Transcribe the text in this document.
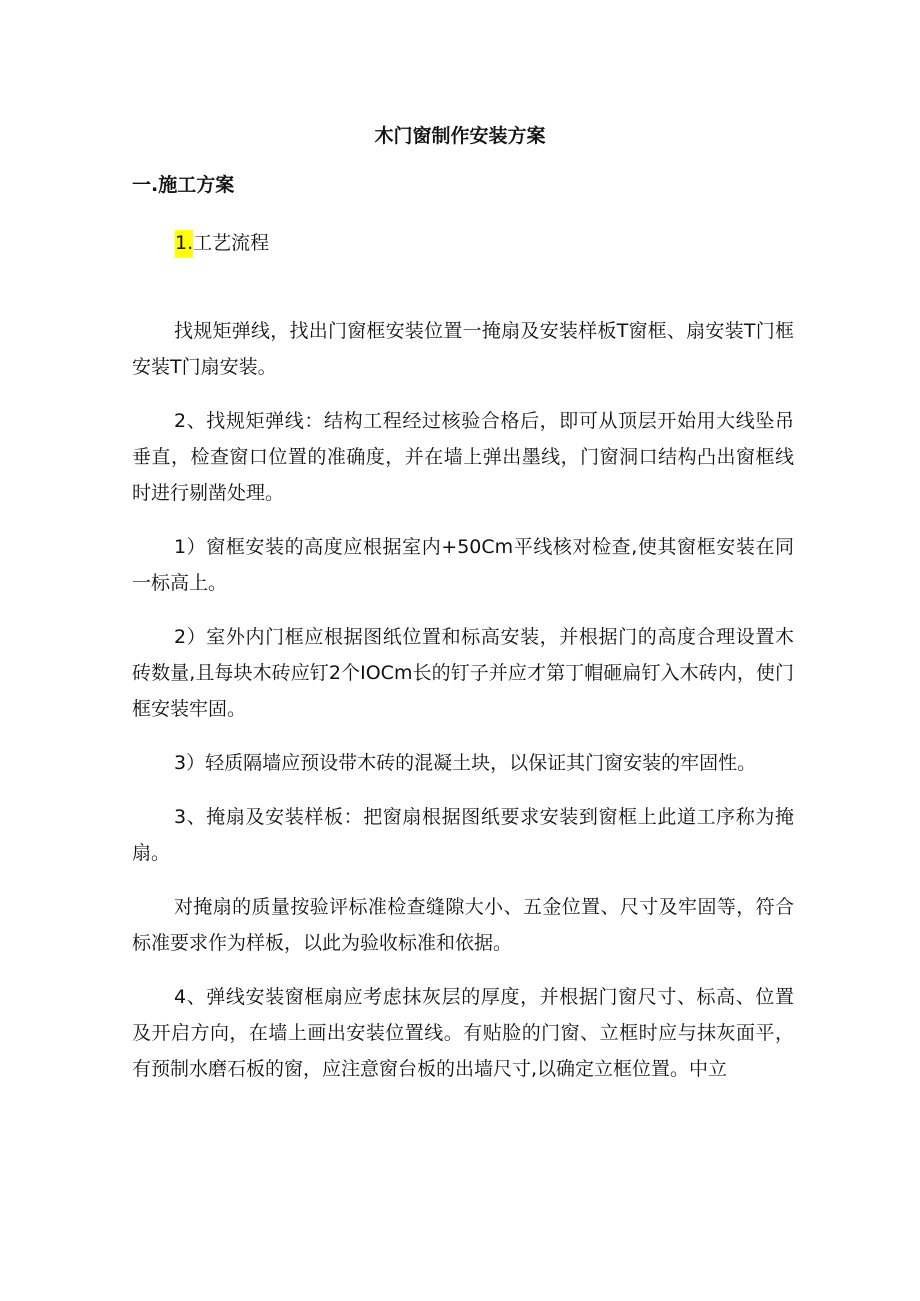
木门窗制作安装方案
一.施工方案
1.工艺流程

找规矩弹线，找出门窗框安装位置一掩扇及安装样板T窗框、扇安装T门框安装T门扇安装。

2、找规矩弹线：结构工程经过核验合格后，即可从顶层开始用大线坠吊垂直，检查窗口位置的准确度，并在墙上弹出墨线，门窗洞口结构凸出窗框线时进行剔凿处理。

1）窗框安装的高度应根据室内+50Cm平线核对检查,使其窗框安装在同一标高上。

2）室外内门框应根据图纸位置和标高安装，并根据门的高度合理设置木砖数量,且每块木砖应钉2个IOCm长的钉子并应才第丁帽砸扁钉入木砖内，使门框安装牢固。

3）轻质隔墙应预设带木砖的混凝土块，以保证其门窗安装的牢固性。

3、掩扇及安装样板：把窗扇根据图纸要求安装到窗框上此道工序称为掩扇。

对掩扇的质量按验评标准检查缝隙大小、五金位置、尺寸及牢固等，符合标准要求作为样板，以此为验收标准和依据。

4、弹线安装窗框扇应考虑抹灰层的厚度，并根据门窗尺寸、标高、位置及开启方向，在墙上画出安装位置线。有贴脸的门窗、立框时应与抹灰面平，有预制水磨石板的窗，应注意窗台板的出墙尺寸,以确定立框位置。中立
